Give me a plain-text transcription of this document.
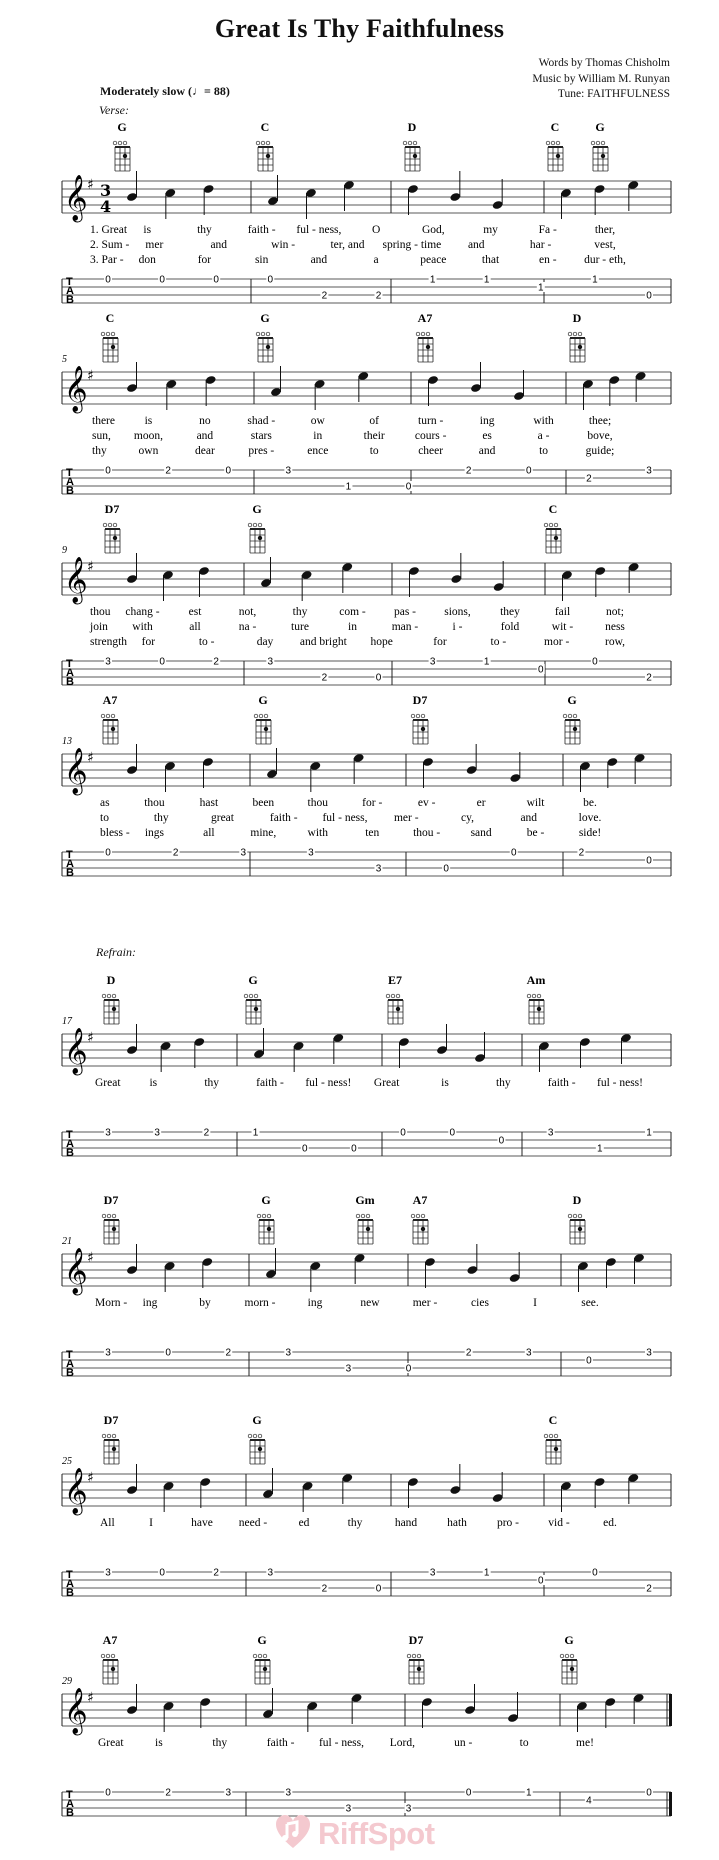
Great Is Thy Faithfulness
Words by Thomas Chisholm
Music by William M. Runyan
Tune: FAITHFULNESS
Moderately slow (♩= 88)
Verse:
Refrain:
G	C	D	C	G
𝄞 ♯ 3
4
1. Great is	thy	faith - ful - ness,	O	God,	my	Fa -	ther,
2. Sum - mer	and	win -	ter, and spring - time and	har -	vest,
3. Par - don	for	sin	and	a	peace	that	en - dur - eth,
T
A
B
0	0	0	0
2	2
1	1
1
1
0
5
C	G	A7	D
𝄞 ♯
there	is	no	shad -	ow	of	turn -	ing	with	thee;
sun, moon,	and	stars	in	their	cours -	es	a -	bove,
thy	own	dear	pres -	ence	to	cheer	and	to	guide;
T
A
B
0	2	0	3
1	0
2	0
2
3
9
D7	G	C
𝄞 ♯
thou chang -	est	not,	thy	com - pas - sions,	they	fail	not;
join with	all	na -	ture	in	man -	i -	fold	wit -	ness
strength for	to -	day and bright hope	for	to -	mor -	row,
T
A
B
3	0	2	3
2	0
3	1
0
0
2
13
A7	G	D7	G
𝄞 ♯
as	thou	hast	been	thou	for -	ev -	er	wilt	be.
to	thy	great	faith - ful - ness, mer -	cy,	and	love.
bless - ings	all	mine,	with	ten	thou -	sand	be -	side!
T
A
B
0	2	3	3
3	0
0	2
0
17
D	G	E7	Am
𝄞 ♯
Great	is	thy	faith - ful - ness! Great	is	thy	faith - ful - ness!
T
A
B
3	3	2	1
0	0
0	0
0
3
1
1
21
D7	G	Gm	A7	D
𝄞 ♯
Morn - ing	by	morn -	ing	new	mer -	cies	I	see.
T
A
B
3	0	2	3
3	0
2	3
0
3
25
D7	G	C
𝄞 ♯
All	I	have need -	ed	thy	hand	hath	pro -	vid -	ed.
T
A
B
3	0	2	3
2	0
3	1
0
0
2
29
A7	G	D7	G
𝄞 ♯
Great	is	thy	faith - ful - ness, Lord,	un -	to	me!
T
A
B
0	2	3	3
3	3
0	1
4
0
RiffSpot
